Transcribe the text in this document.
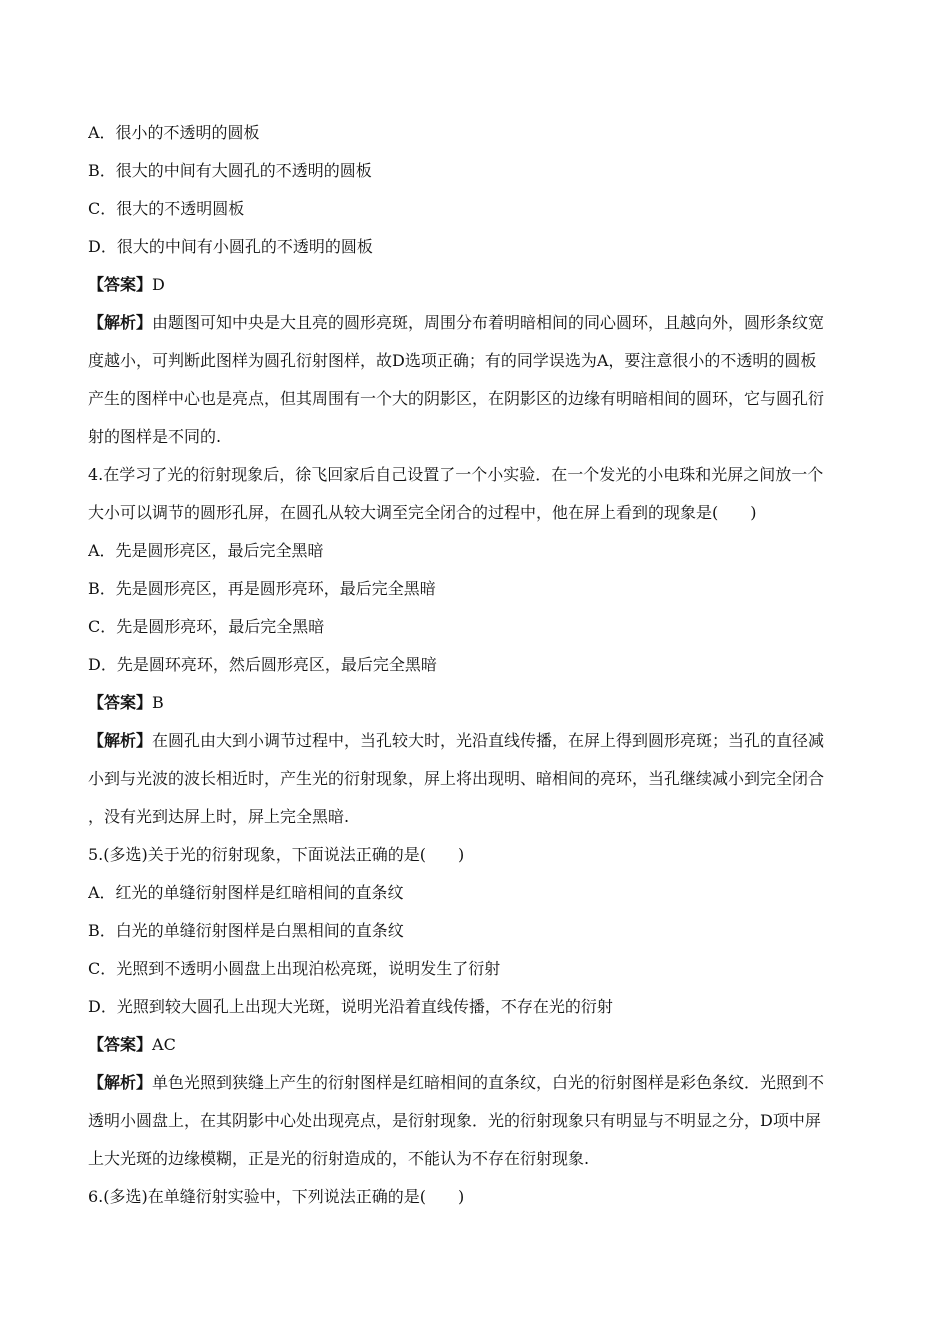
A．很小的不透明的圆板
B．很大的中间有大圆孔的不透明的圆板
C．很大的不透明圆板
D．很大的中间有小圆孔的不透明的圆板
【答案】D
【解析】由题图可知中央是大且亮的圆形亮斑，周围分布着明暗相间的同心圆环，且越向外，圆形条纹宽
度越小，可判断此图样为圆孔衍射图样，故D选项正确；有的同学误选为A，要注意很小的不透明的圆板
产生的图样中心也是亮点，但其周围有一个大的阴影区，在阴影区的边缘有明暗相间的圆环，它与圆孔衍
射的图样是不同的.
4.在学习了光的衍射现象后，徐飞回家后自己设置了一个小实验．在一个发光的小电珠和光屏之间放一个
大小可以调节的圆形孔屏，在圆孔从较大调至完全闭合的过程中，他在屏上看到的现象是(　　)
A．先是圆形亮区，最后完全黑暗
B．先是圆形亮区，再是圆形亮环，最后完全黑暗
C．先是圆形亮环，最后完全黑暗
D．先是圆环亮环，然后圆形亮区，最后完全黑暗
【答案】B
【解析】在圆孔由大到小调节过程中，当孔较大时，光沿直线传播，在屏上得到圆形亮斑；当孔的直径减
小到与光波的波长相近时，产生光的衍射现象，屏上将出现明、暗相间的亮环，当孔继续减小到完全闭合
，没有光到达屏上时，屏上完全黑暗.
5.(多选)关于光的衍射现象，下面说法正确的是(　　)
A．红光的单缝衍射图样是红暗相间的直条纹
B．白光的单缝衍射图样是白黑相间的直条纹
C．光照到不透明小圆盘上出现泊松亮斑，说明发生了衍射
D．光照到较大圆孔上出现大光斑，说明光沿着直线传播，不存在光的衍射
【答案】AC
【解析】单色光照到狭缝上产生的衍射图样是红暗相间的直条纹，白光的衍射图样是彩色条纹．光照到不
透明小圆盘上，在其阴影中心处出现亮点，是衍射现象．光的衍射现象只有明显与不明显之分，D项中屏
上大光斑的边缘模糊，正是光的衍射造成的，不能认为不存在衍射现象.
6.(多选)在单缝衍射实验中，下列说法正确的是(　　)
